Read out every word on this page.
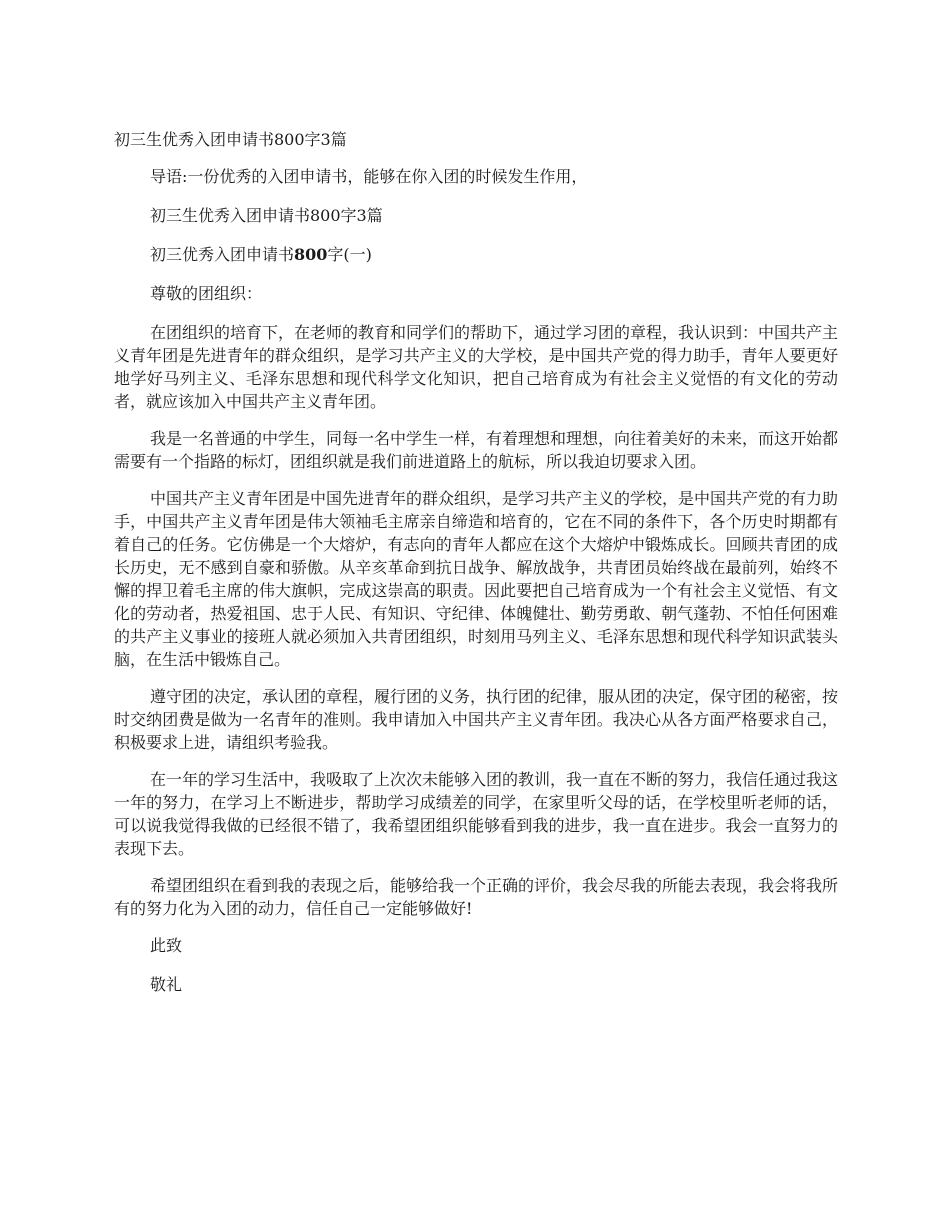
初三生优秀入团申请书800字3篇

导语:一份优秀的入团申请书，能够在你入团的时候发生作用，

初三生优秀入团申请书800字3篇

初三优秀入团申请书800字(一)

尊敬的团组织：

在团组织的培育下，在老师的教育和同学们的帮助下，通过学习团的章程，我认识到：中国共产主义青年团是先进青年的群众组织，是学习共产主义的大学校，是中国共产党的得力助手，青年人要更好地学好马列主义、毛泽东思想和现代科学文化知识，把自己培育成为有社会主义觉悟的有文化的劳动者，就应该加入中国共产主义青年团。

我是一名普通的中学生，同每一名中学生一样，有着理想和理想，向往着美好的未来，而这开始都需要有一个指路的标灯，团组织就是我们前进道路上的航标，所以我迫切要求入团。

中国共产主义青年团是中国先进青年的群众组织，是学习共产主义的学校，是中国共产党的有力助手，中国共产主义青年团是伟大领袖毛主席亲自缔造和培育的，它在不同的条件下，各个历史时期都有着自己的任务。它仿佛是一个大熔炉，有志向的青年人都应在这个大熔炉中锻炼成长。回顾共青团的成长历史，无不感到自豪和骄傲。从辛亥革命到抗日战争、解放战争，共青团员始终战在最前列，始终不懈的捍卫着毛主席的伟大旗帜，完成这崇高的职责。因此要把自己培育成为一个有社会主义觉悟、有文化的劳动者，热爱祖国、忠于人民、有知识、守纪律、体魄健壮、勤劳勇敢、朝气蓬勃、不怕任何困难的共产主义事业的接班人就必须加入共青团组织，时刻用马列主义、毛泽东思想和现代科学知识武装头脑，在生活中锻炼自己。

遵守团的决定，承认团的章程，履行团的义务，执行团的纪律，服从团的决定，保守团的秘密，按时交纳团费是做为一名青年的准则。我申请加入中国共产主义青年团。我决心从各方面严格要求自己，积极要求上进，请组织考验我。

在一年的学习生活中，我吸取了上次次未能够入团的教训，我一直在不断的努力，我信任通过我这一年的努力，在学习上不断进步，帮助学习成绩差的同学，在家里听父母的话，在学校里听老师的话，可以说我觉得我做的已经很不错了，我希望团组织能够看到我的进步，我一直在进步。我会一直努力的表现下去。

希望团组织在看到我的表现之后，能够给我一个正确的评价，我会尽我的所能去表现，我会将我所有的努力化为入团的动力，信任自己一定能够做好!

此致

敬礼
